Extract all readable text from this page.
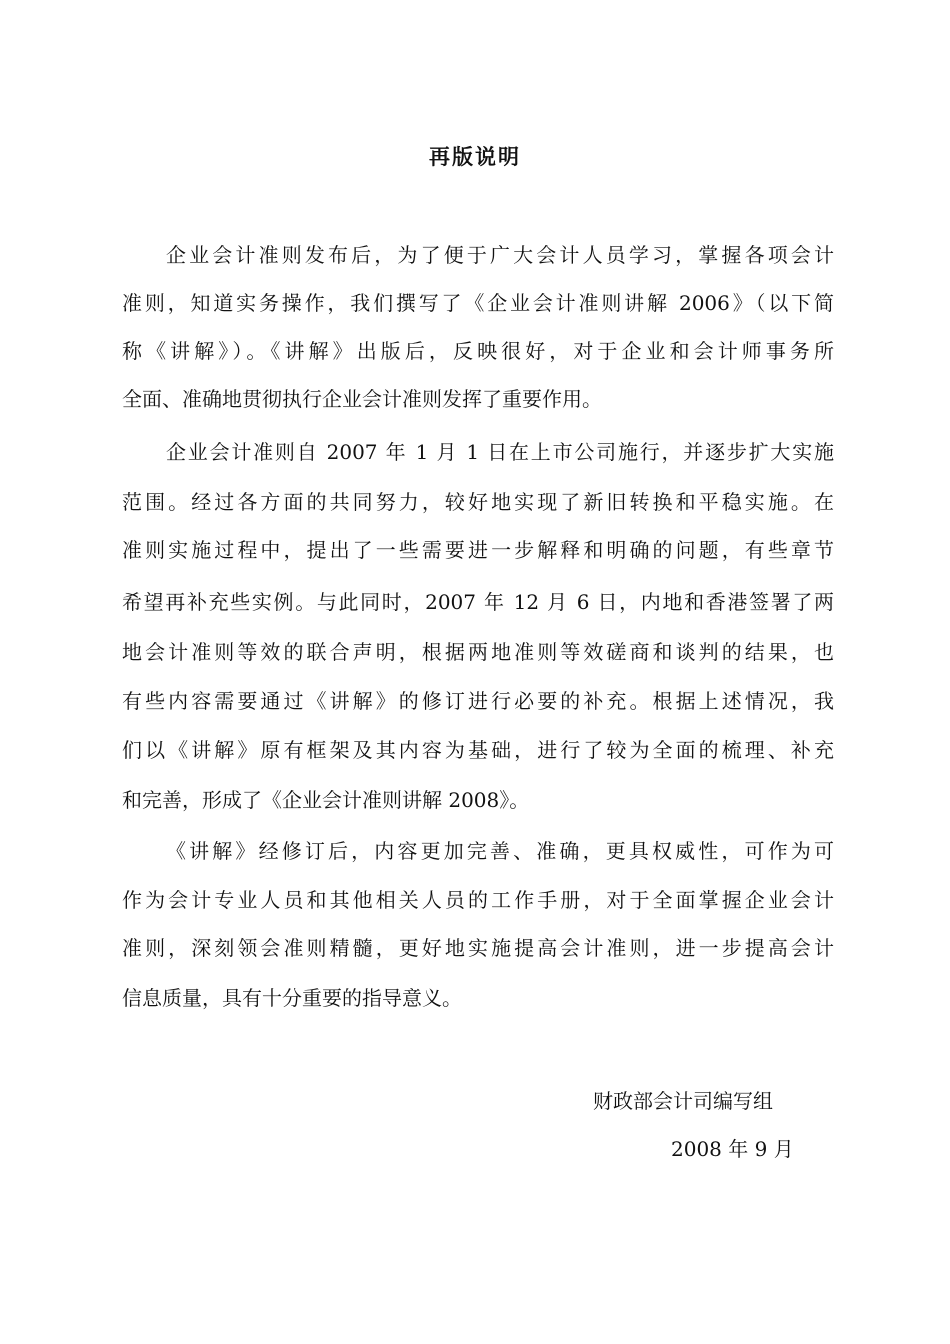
再版说明
企业会计准则发布后，为了便于广大会计人员学习，掌握各项会计
准则，知道实务操作，我们撰写了《企业会计准则讲解 2006》（以下简
称《讲解》）。《讲解》出版后，反映很好，对于企业和会计师事务所
全面、准确地贯彻执行企业会计准则发挥了重要作用。
企业会计准则自 2007 年 1 月 1 日在上市公司施行，并逐步扩大实施
范围。经过各方面的共同努力，较好地实现了新旧转换和平稳实施。在
准则实施过程中，提出了一些需要进一步解释和明确的问题，有些章节
希望再补充些实例。与此同时，2007 年 12 月 6 日，内地和香港签署了两
地会计准则等效的联合声明，根据两地准则等效磋商和谈判的结果，也
有些内容需要通过《讲解》的修订进行必要的补充。根据上述情况，我
们以《讲解》原有框架及其内容为基础，进行了较为全面的梳理、补充
和完善，形成了《企业会计准则讲解 2008》。
《讲解》经修订后，内容更加完善、准确，更具权威性，可作为可
作为会计专业人员和其他相关人员的工作手册，对于全面掌握企业会计
准则，深刻领会准则精髓，更好地实施提高会计准则，进一步提高会计
信息质量，具有十分重要的指导意义。
财政部会计司编写组
2008 年 9 月
